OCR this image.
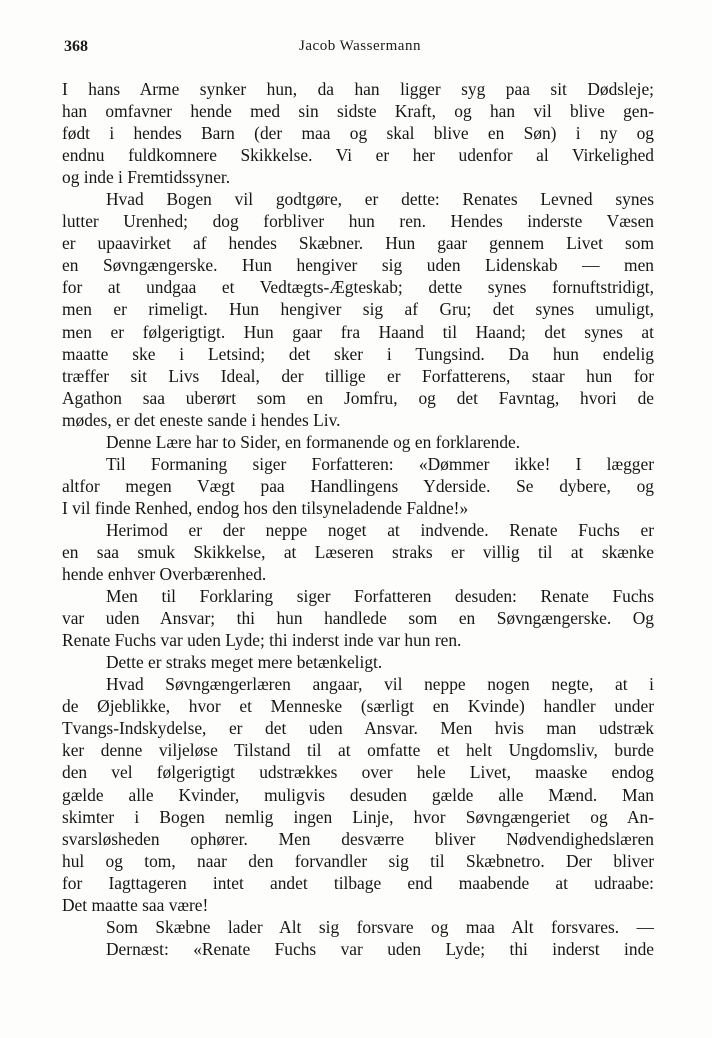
368	Jacob Wassermann
I hans Arme synker hun, da han ligger syg paa sit Dødsleje;
han omfavner hende med sin sidste Kraft, og han vil blive gen-
født i hendes Barn (der maa og skal blive en Søn) i ny og
endnu fuldkomnere Skikkelse. Vi er her udenfor al Virkelighed
og inde i Fremtidssyner.
Hvad Bogen vil godtgøre, er dette: Renates Levned synes
lutter Urenhed; dog forbliver hun ren. Hendes inderste Væsen
er upaavirket af hendes Skæbner. Hun gaar gennem Livet som
en Søvngængerske. Hun hengiver sig uden Lidenskab — men
for at undgaa et Vedtægts-Ægteskab; dette synes fornuftstridigt,
men er rimeligt. Hun hengiver sig af Gru; det synes umuligt,
men er følgerigtigt. Hun gaar fra Haand til Haand; det synes at
maatte ske i Letsind; det sker i Tungsind. Da hun endelig
træffer sit Livs Ideal, der tillige er Forfatterens, staar hun for
Agathon saa uberørt som en Jomfru, og det Favntag, hvori de
mødes, er det eneste sande i hendes Liv.
Denne Lære har to Sider, en formanende og en forklarende.
Til Formaning siger Forfatteren: «Dømmer ikke! I lægger
altfor megen Vægt paa Handlingens Yderside. Se dybere, og
I vil finde Renhed, endog hos den tilsyneladende Faldne!»
Herimod er der neppe noget at indvende. Renate Fuchs er
en saa smuk Skikkelse, at Læseren straks er villig til at skænke
hende enhver Overbærenhed.
Men til Forklaring siger Forfatteren desuden: Renate Fuchs
var uden Ansvar; thi hun handlede som en Søvngængerske. Og
Renate Fuchs var uden Lyde; thi inderst inde var hun ren.
Dette er straks meget mere betænkeligt.
Hvad Søvngængerlæren angaar, vil neppe nogen negte, at i
de Øjeblikke, hvor et Menneske (særligt en Kvinde) handler under
Tvangs-Indskydelse, er det uden Ansvar. Men hvis man udstræk
ker denne viljeløse Tilstand til at omfatte et helt Ungdomsliv, burde
den vel følgerigtigt udstrækkes over hele Livet, maaske endog
gælde alle Kvinder, muligvis desuden gælde alle Mænd. Man
skimter i Bogen nemlig ingen Linje, hvor Søvngængeriet og An-
svarsløsheden ophører. Men desværre bliver Nødvendighedslæren
hul og tom, naar den forvandler sig til Skæbnetro. Der bliver
for Iagttageren intet andet tilbage end maabende at udraabe:
Det maatte saa være!
Som Skæbne lader Alt sig forsvare og maa Alt forsvares. —
Dernæst: «Renate Fuchs var uden Lyde; thi inderst inde
